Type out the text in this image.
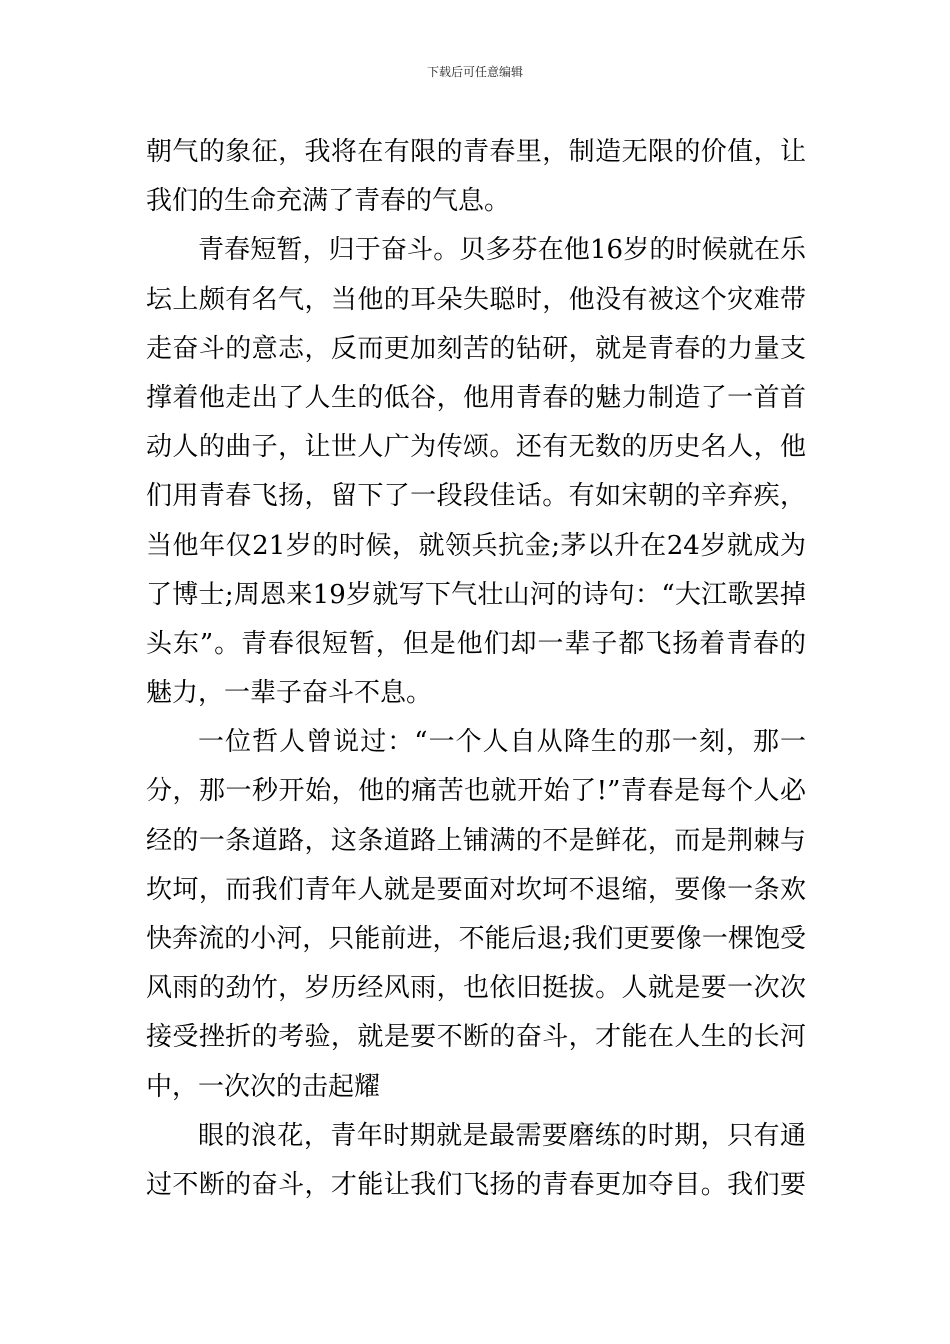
下载后可任意编辑
朝气的象征，我将在有限的青春里，制造无限的价值，让
我们的生命充满了青春的气息。
青春短暂，归于奋斗。贝多芬在他16岁的时候就在乐
坛上颇有名气，当他的耳朵失聪时，他没有被这个灾难带
走奋斗的意志，反而更加刻苦的钻研，就是青春的力量支
撑着他走出了人生的低谷，他用青春的魅力制造了一首首
动人的曲子，让世人广为传颂。还有无数的历史名人，他
们用青春飞扬，留下了一段段佳话。有如宋朝的辛弃疾，
当他年仅21岁的时候，就领兵抗金;茅以升在24岁就成为
了博士;周恩来19岁就写下气壮山河的诗句：“大江歌罢掉
头东”。青春很短暂，但是他们却一辈子都飞扬着青春的
魅力，一辈子奋斗不息。
一位哲人曾说过：“一个人自从降生的那一刻，那一
分，那一秒开始，他的痛苦也就开始了!”青春是每个人必
经的一条道路，这条道路上铺满的不是鲜花，而是荆棘与
坎坷，而我们青年人就是要面对坎坷不退缩，要像一条欢
快奔流的小河，只能前进，不能后退;我们更要像一棵饱受
风雨的劲竹，岁历经风雨，也依旧挺拔。人就是要一次次
接受挫折的考验，就是要不断的奋斗，才能在人生的长河
中，一次次的击起耀
眼的浪花，青年时期就是最需要磨练的时期，只有通
过不断的奋斗，才能让我们飞扬的青春更加夺目。我们要
